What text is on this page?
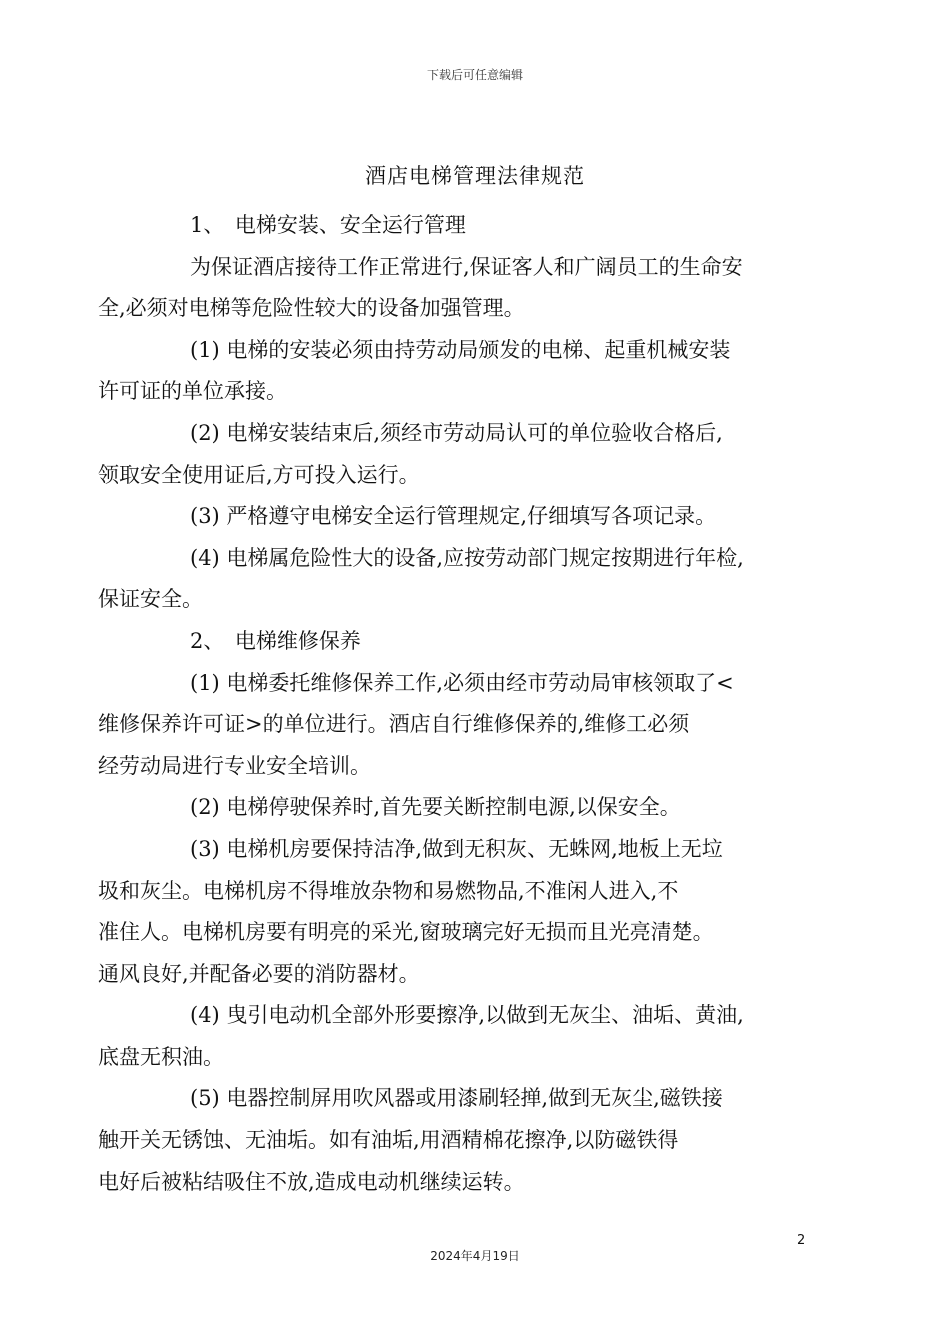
下载后可任意编辑
酒店电梯管理法律规范
1、　电梯安装、安全运行管理
为保证酒店接待工作正常进行,保证客人和广阔员工的生命安
全,必须对电梯等危险性较大的设备加强管理。
(1) 电梯的安装必须由持劳动局颁发的电梯、起重机械安装
许可证的单位承接。
(2) 电梯安装结束后,须经市劳动局认可的单位验收合格后,
领取安全使用证后,方可投入运行。
(3) 严格遵守电梯安全运行管理规定,仔细填写各项记录。
(4) 电梯属危险性大的设备,应按劳动部门规定按期进行年检,
保证安全。
2、　电梯维修保养
(1) 电梯委托维修保养工作,必须由经市劳动局审核领取了<
维修保养许可证>的单位进行。酒店自行维修保养的,维修工必须
经劳动局进行专业安全培训。
(2) 电梯停驶保养时,首先要关断控制电源,以保安全。
(3) 电梯机房要保持洁净,做到无积灰、无蛛网,地板上无垃
圾和灰尘。电梯机房不得堆放杂物和易燃物品,不准闲人进入,不
准住人。电梯机房要有明亮的采光,窗玻璃完好无损而且光亮清楚。
通风良好,并配备必要的消防器材。
(4) 曳引电动机全部外形要擦净,以做到无灰尘、油垢、黄油,
底盘无积油。
(5) 电器控制屏用吹风器或用漆刷轻掸,做到无灰尘,磁铁接
触开关无锈蚀、无油垢。如有油垢,用酒精棉花擦净,以防磁铁得
电好后被粘结吸住不放,造成电动机继续运转。
2
2024年4月19日
